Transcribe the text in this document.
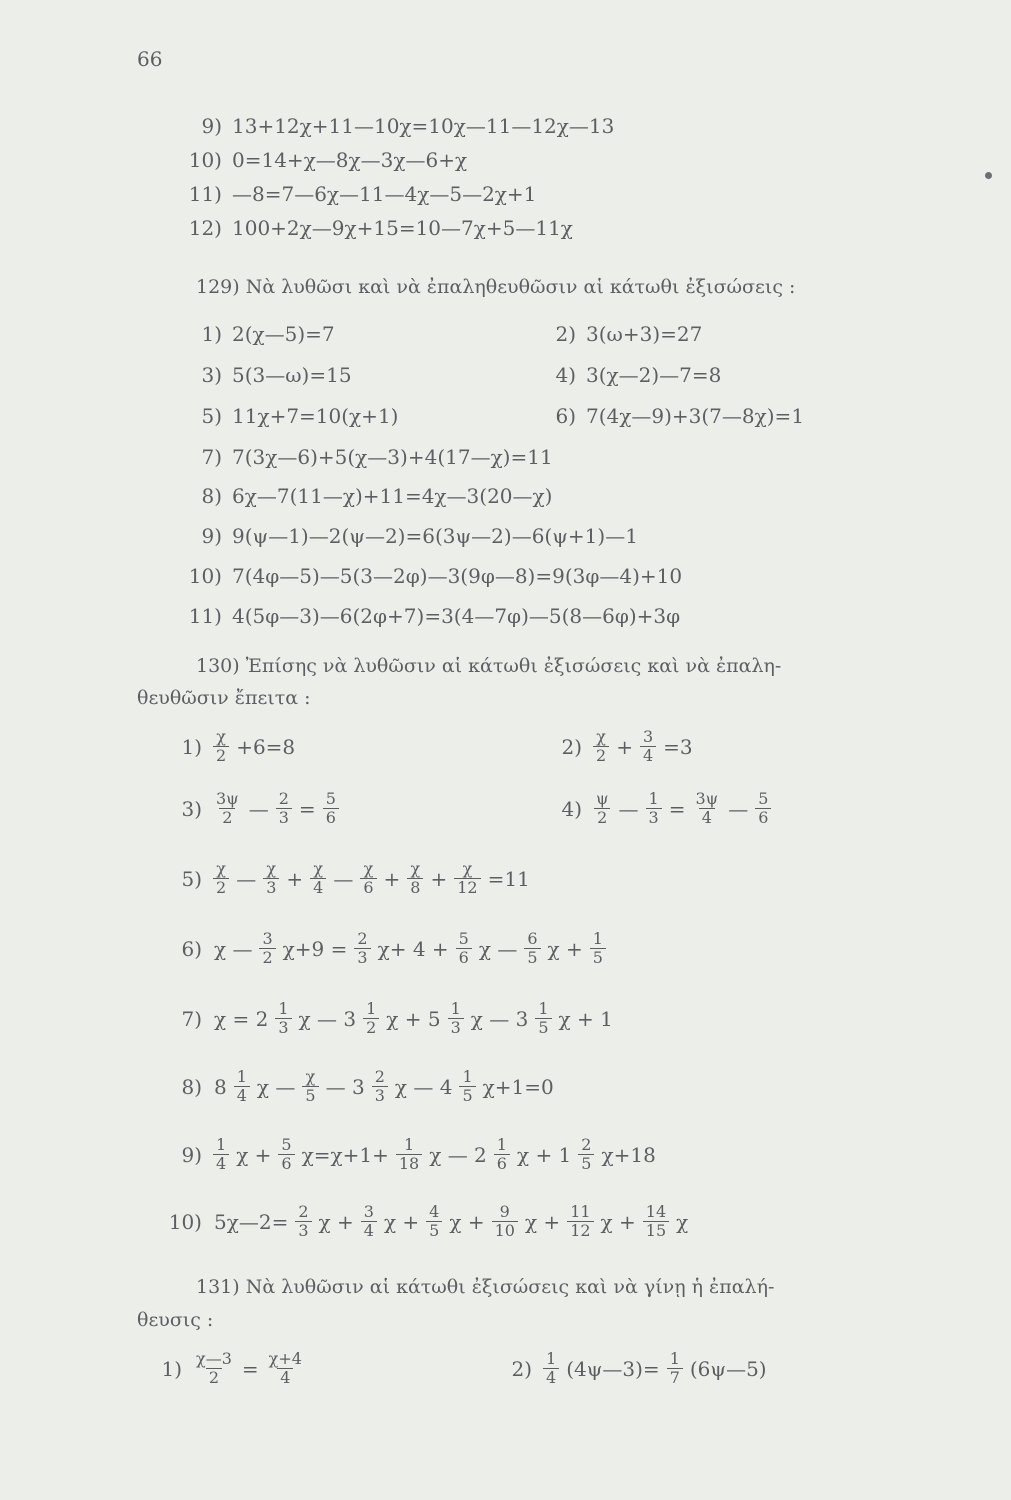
66
9) 13+12χ+11—10χ=10χ—11—12χ—13
10) 0=14+χ—8χ—3χ—6+χ
11) —8=7—6χ—11—4χ—5—2χ+1
12) 100+2χ—9χ+15=10—7χ+5—11χ
129) Νὰ λυθῶσι καὶ νὰ ἐπαληθευθῶσιν αἱ κάτωθι ἐξισώσεις :
1) 2(χ—5)=7	2) 3(ω+3)=27
3) 5(3—ω)=15	4) 3(χ—2)—7=8
5) 11χ+7=10(χ+1)	6) 7(4χ—9)+3(7—8χ)=1
7) 7(3χ—6)+5(χ—3)+4(17—χ)=11
8) 6χ—7(11—χ)+11=4χ—3(20—χ)
9) 9(ψ—1)—2(ψ—2)=6(3ψ—2)—6(ψ+1)—1
10) 7(4φ—5)—5(3—2φ)—3(9φ—8)=9(3φ—4)+10
11) 4(5φ—3)—6(2φ+7)=3(4—7φ)—5(8—6φ)+3φ
130) Ἐπίσης νὰ λυθῶσιν αἱ κάτωθι ἐξισώσεις καὶ νὰ ἐπαλη-
θευθῶσιν ἔπειτα :
$1) \frac{\chi}{2} +6=8$	$2) \frac{\chi}{2} + \frac{3}{4} =3$
$3) \frac{3\psi}{2}$ — $\frac{2}{3} = \frac{5}{6}$	$4) \frac{\psi}{2}$ — $\frac{1}{3} = \frac{3\psi}{4}$ — $\frac{5}{6}$
$5) \frac{\chi}{2}$ — $\frac{\chi}{3} + \frac{\chi}{4}$ — $\frac{\chi}{6} + \frac{\chi}{8} + \frac{\chi}{12} =11$
6) χ — $\frac{3}{2} \chi+9 = \frac{2}{3} \chi+ 4 + \frac{5}{6}$ χ — $\frac{6}{5}$ $\chi + \frac{1}{5}$
7) $\chi = 2 \frac{1}{3}$ χ — $3 \frac{1}{2}$ $\chi + 5 \frac{1}{3}$ χ — $3 \frac{1}{5}$ χ + 1
8) $8 \frac{1}{4}$ χ — $\frac{\chi}{5}$ — $3 \frac{2}{3}$ χ — $4 \frac{1}{5} \chi+1=0$
$9) \frac{1}{4}$ $\chi + \frac{5}{6} \chi=\chi+1+ \frac{1}{18}$ χ — $2 \frac{1}{6}$ $\chi + 1 \frac{2}{5} \chi+18$
10) 5χ—2= $\frac{2}{3}$ $\chi + \frac{3}{4}$ $\chi + \frac{4}{5}$ $\chi + \frac{9}{10}$ $\chi + \frac{11}{12}$ $\chi + \frac{14}{15}$ χ
131) Νὰ λυθῶσιν αἱ κάτωθι ἐξισώσεις καὶ νὰ γίνῃ ἡ ἐπαλή-
θευσις :
$1) \frac{\chi—3}{2} = \frac{\chi+4}{4}$	$2) \frac{1}{4}$ (4ψ—3)= $\frac{1}{7}$ (6ψ—5)
